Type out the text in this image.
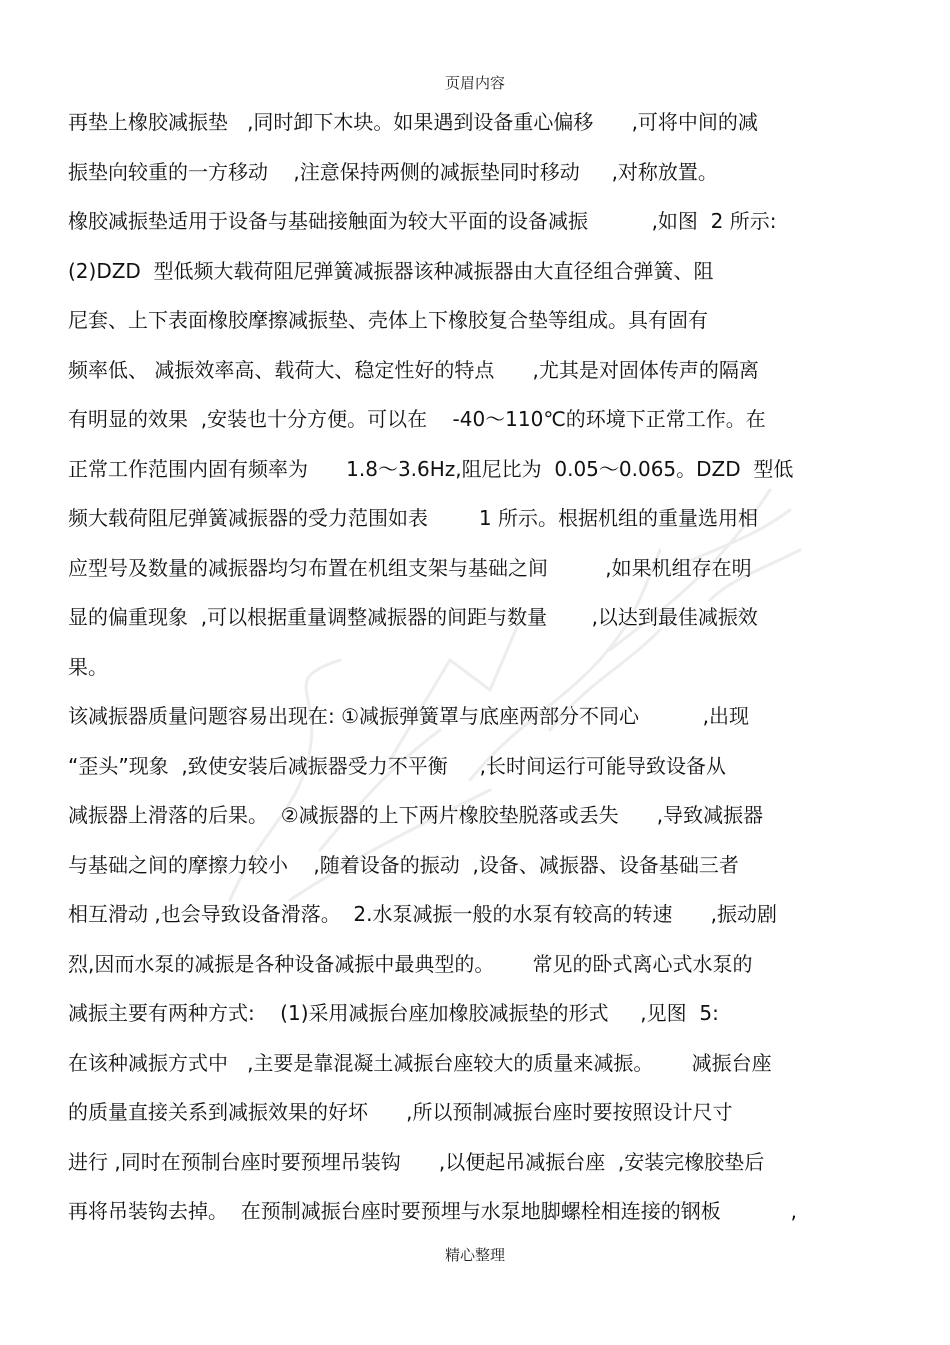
页眉内容
再垫上橡胶减振垫   ,同时卸下木块。如果遇到设备重心偏移      ,可将中间的减
振垫向较重的一方移动    ,注意保持两侧的减振垫同时移动     ,对称放置。
橡胶减振垫适用于设备与基础接触面为较大平面的设备减振          ,如图  2 所示:
(2)DZD  型低频大载荷阻尼弹簧减振器该种减振器由大直径组合弹簧、阻
尼套、上下表面橡胶摩擦减振垫、壳体上下橡胶复合垫等组成。具有固有
频率低、 减振效率高、载荷大、稳定性好的特点      ,尤其是对固体传声的隔离
有明显的效果  ,安装也十分方便。可以在    -40～110℃的环境下正常工作。在
正常工作范围内固有频率为      1.8～3.6Hz,阻尼比为  0.05～0.065。DZD  型低
频大载荷阻尼弹簧减振器的受力范围如表        1 所示。根据机组的重量选用相
应型号及数量的减振器均匀布置在机组支架与基础之间         ,如果机组存在明
显的偏重现象  ,可以根据重量调整减振器的间距与数量       ,以达到最佳减振效
果。
该减振器质量问题容易出现在: ①减振弹簧罩与底座两部分不同心          ,出现
“歪头”现象  ,致使安装后减振器受力不平衡     ,长时间运行可能导致设备从
减振器上滑落的后果。  ②减振器的上下两片橡胶垫脱落或丢失      ,导致减振器
与基础之间的摩擦力较小    ,随着设备的振动  ,设备、减振器、设备基础三者
相互滑动 ,也会导致设备滑落。  2.水泵减振一般的水泵有较高的转速      ,振动剧
烈,因而水泵的减振是各种设备减振中最典型的。      常见的卧式离心式水泵的
减振主要有两种方式:    (1)采用减振台座加橡胶减振垫的形式     ,见图  5:
在该种减振方式中   ,主要是靠混凝土减振台座较大的质量来减振。      减振台座
的质量直接关系到减振效果的好坏      ,所以预制减振台座时要按照设计尺寸
进行 ,同时在预制台座时要预埋吊装钩      ,以便起吊减振台座  ,安装完橡胶垫后
再将吊装钩去掉。  在预制减振台座时要预埋与水泵地脚螺栓相连接的钢板           ,
精心整理
